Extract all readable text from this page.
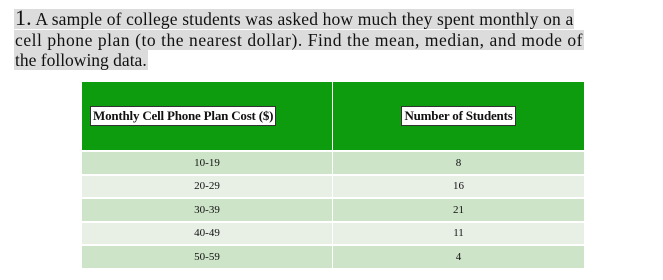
1. A sample of college students was asked how much they spent monthly on a
cell phone plan (to the nearest dollar). Find the mean, median, and mode of
the following data.
Monthly Cell Phone Plan Cost ($)	Number of Students
10-19	8
20-29	16
30-39	21
40-49	11
50-59	4
